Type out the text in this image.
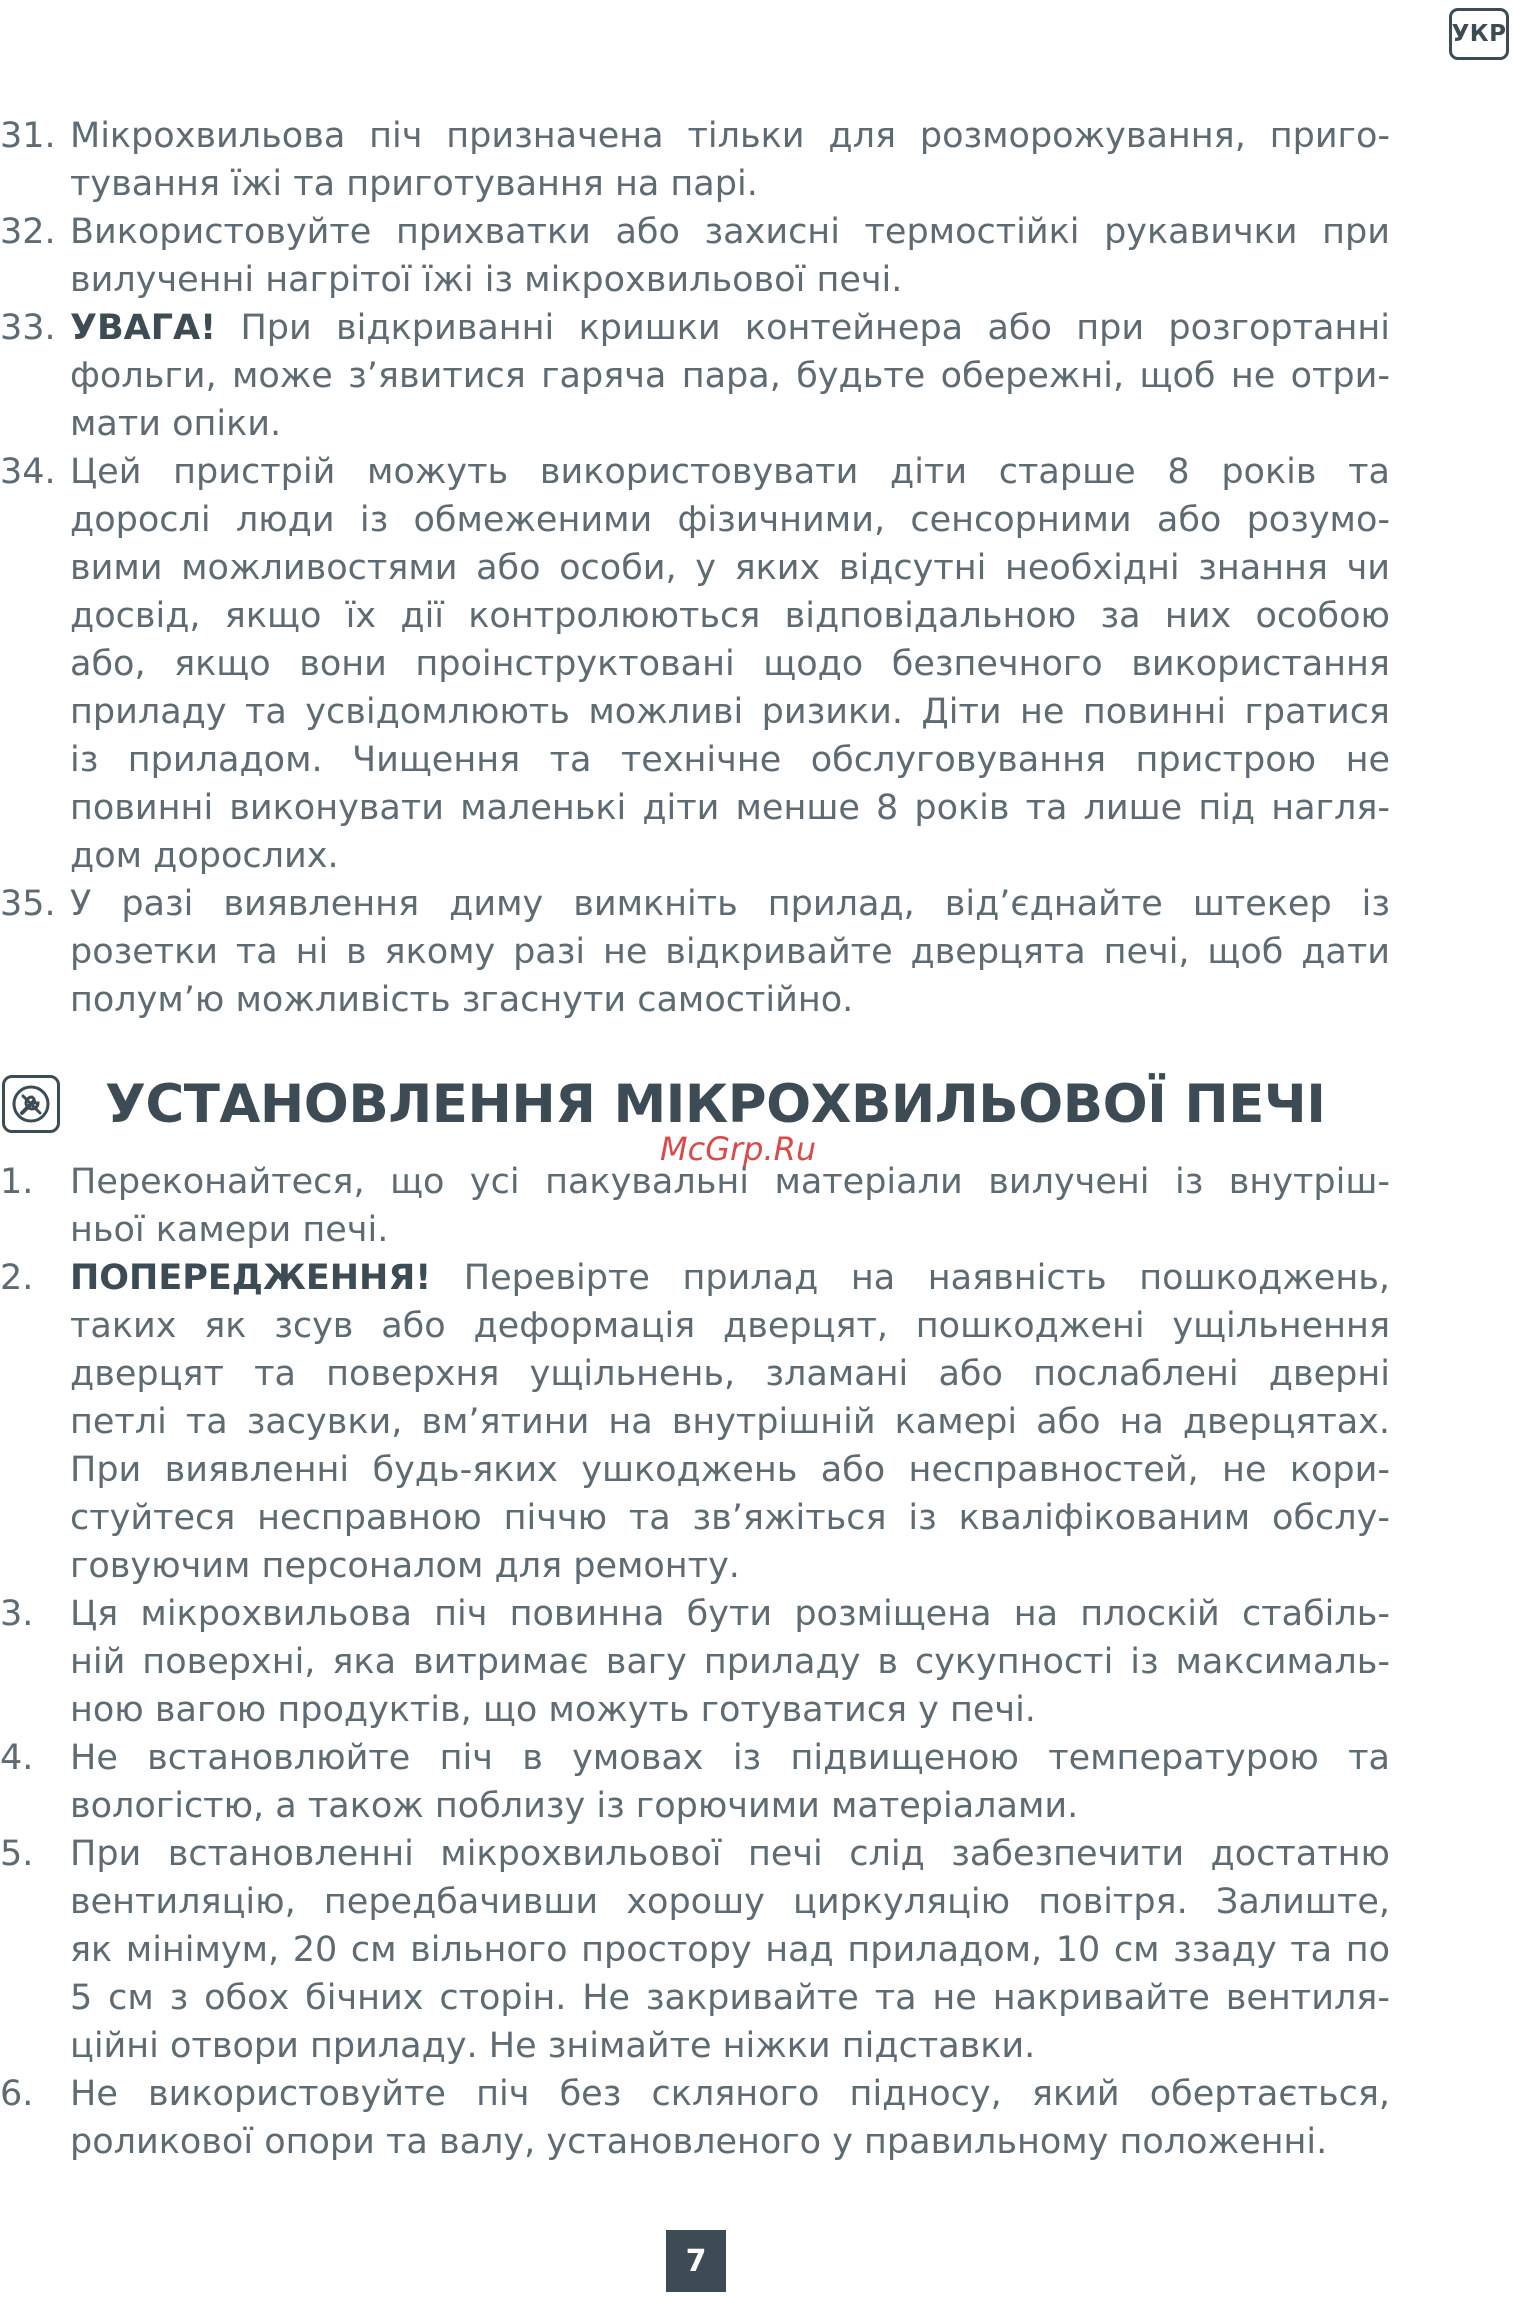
УКР
31. Мікрохвильова піч призначена тільки для розморожування, приго-
тування їжі та приготування на парі.
32. Використовуйте прихватки або захисні термостійкі рукавички при
вилученні нагрітої їжі із мікрохвильової печі.
33. УВАГА! При відкриванні кришки контейнера або при розгортанні
фольги, може з’явитися гаряча пара, будьте обережні, щоб не отри-
мати опіки.
34. Цей пристрій можуть використовувати діти старше 8 років та
дорослі люди із обмеженими фізичними, сенсорними або розумо-
вими можливостями або особи, у яких відсутні необхідні знання чи
досвід, якщо їх дії контролюються відповідальною за них особою
або, якщо вони проінструктовані щодо безпечного використання
приладу та усвідомлюють можливі ризики. Діти не повинні гратися
із приладом. Чищення та технічне обслуговування пристрою не
повинні виконувати маленькі діти менше 8 років та лише під нагля-
дом дорослих.
35. У разі виявлення диму вимкніть прилад, від’єднайте штекер із
розетки та ні в якому разі не відкривайте дверцята печі, щоб дати
полум’ю можливість згаснути самостійно.
УСТАНОВЛЕННЯ МІКРОХВИЛЬОВОЇ ПЕЧІ
McGrp.Ru
1. Переконайтеся, що усі пакувальні матеріали вилучені із внутріш-
ньої камери печі.
2. ПОПЕРЕДЖЕННЯ! Перевірте прилад на наявність пошкоджень,
таких як зсув або деформація дверцят, пошкоджені ущільнення
дверцят та поверхня ущільнень, зламані або послаблені дверні
петлі та засувки, вм’ятини на внутрішній камері або на дверцятах.
При виявленні будь-яких ушкоджень або несправностей, не кори-
стуйтеся несправною піччю та зв’яжіться із кваліфікованим обслу-
говуючим персоналом для ремонту.
3. Ця мікрохвильова піч повинна бути розміщена на плоскій стабіль-
ній поверхні, яка витримає вагу приладу в сукупності із максималь-
ною вагою продуктів, що можуть готуватися у печі.
4. Не встановлюйте піч в умовах із підвищеною температурою та
вологістю, а також поблизу із горючими матеріалами.
5. При встановленні мікрохвильової печі слід забезпечити достатню
вентиляцію, передбачивши хорошу циркуляцію повітря. Залиште,
як мінімум, 20 см вільного простору над приладом, 10 см ззаду та по
5 см з обох бічних сторін. Не закривайте та не накривайте вентиля-
ційні отвори приладу. Не знімайте ніжки підставки.
6. Не використовуйте піч без скляного підносу, який обертається,
роликової опори та валу, установленого у правильному положенні.
7
